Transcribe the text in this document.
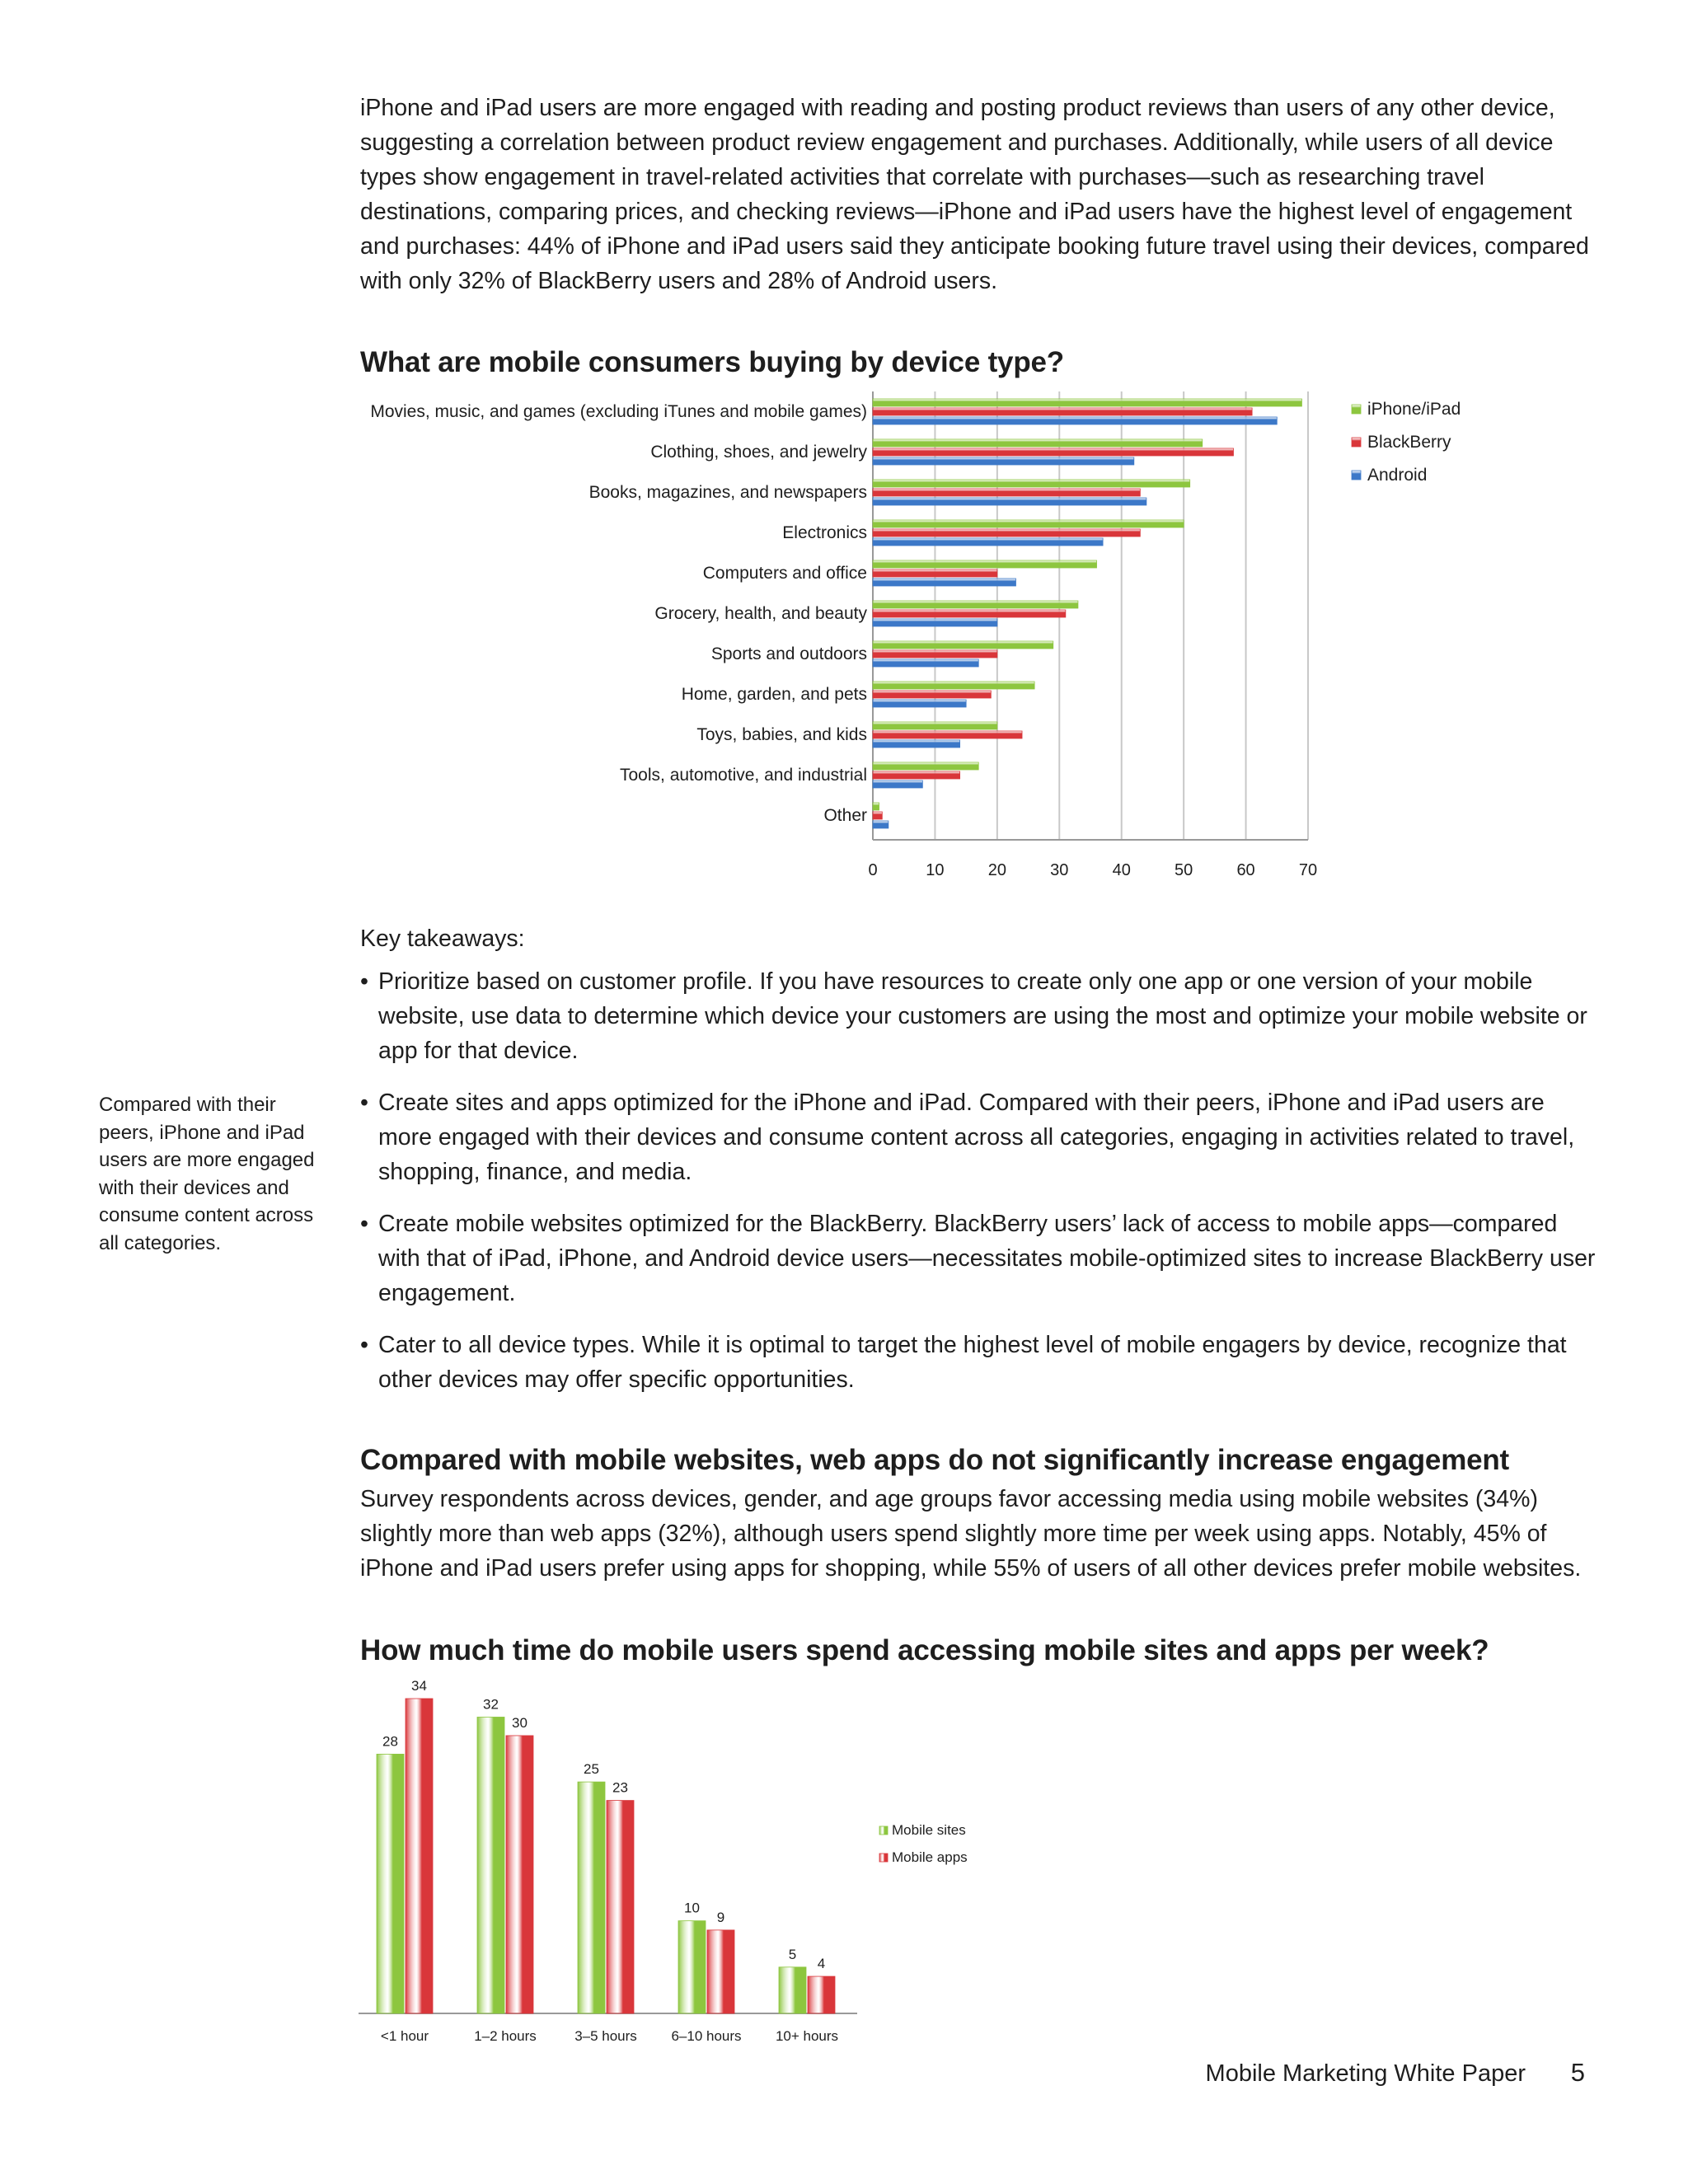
iPhone and iPad users are more engaged with reading and posting product reviews than users of any other device, suggesting a correlation between product review engagement and purchases. Additionally, while users of all device types show engagement in travel-related activities that correlate with purchases—such as researching travel destinations, comparing prices, and checking reviews—iPhone and iPad users have the highest level of engagement and purchases: 44% of iPhone and iPad users said they anticipate booking future travel using their devices, compared with only 32% of BlackBerry users and 28% of Android users.

What are mobile consumers buying by device type?
0	10	20	30	40	50	60	70
Movies, music, and games (excluding iTunes and mobile games)
Clothing, shoes, and jewelry
Books, magazines, and newspapers
Electronics
Computers and office
Grocery, health, and beauty
Sports and outdoors
Home, garden, and pets
Toys, babies, and kids
Tools, automotive, and industrial
Other
iPhone/iPad
BlackBerry
Android

Key takeaways:

• Prioritize based on customer profile. If you have resources to create only one app or one version of your mobile website, use data to determine which device your customers are using the most and optimize your mobile website or app for that device.
• Create sites and apps optimized for the iPhone and iPad. Compared with their peers, iPhone and iPad users are more engaged with their devices and consume content across all categories, engaging in activities related to travel, shopping, finance, and media.
• Create mobile websites optimized for the BlackBerry. BlackBerry users’ lack of access to mobile apps—compared with that of iPad, iPhone, and Android device users—necessitates mobile-optimized sites to increase BlackBerry user engagement.
• Cater to all device types. While it is optimal to target the highest level of mobile engagers by device, recognize that other devices may offer specific opportunities.

Compared with their peers, iPhone and iPad users are more engaged with their devices and consume content across all categories.

Compared with mobile websites, web apps do not significantly increase engagement

Survey respondents across devices, gender, and age groups favor accessing media using mobile websites (34%) slightly more than web apps (32%), although users spend slightly more time per week using apps. Notably, 45% of iPhone and iPad users prefer using apps for shopping, while 55% of users of all other devices prefer mobile websites.

How much time do mobile users spend accessing mobile sites and apps per week?
28
34
<1 hour
32
30
1–2 hours
25
23
3–5 hours
10
9
6–10 hours
5
4
10+ hours
Mobile sites
Mobile apps
Mobile Marketing White Paper 5
